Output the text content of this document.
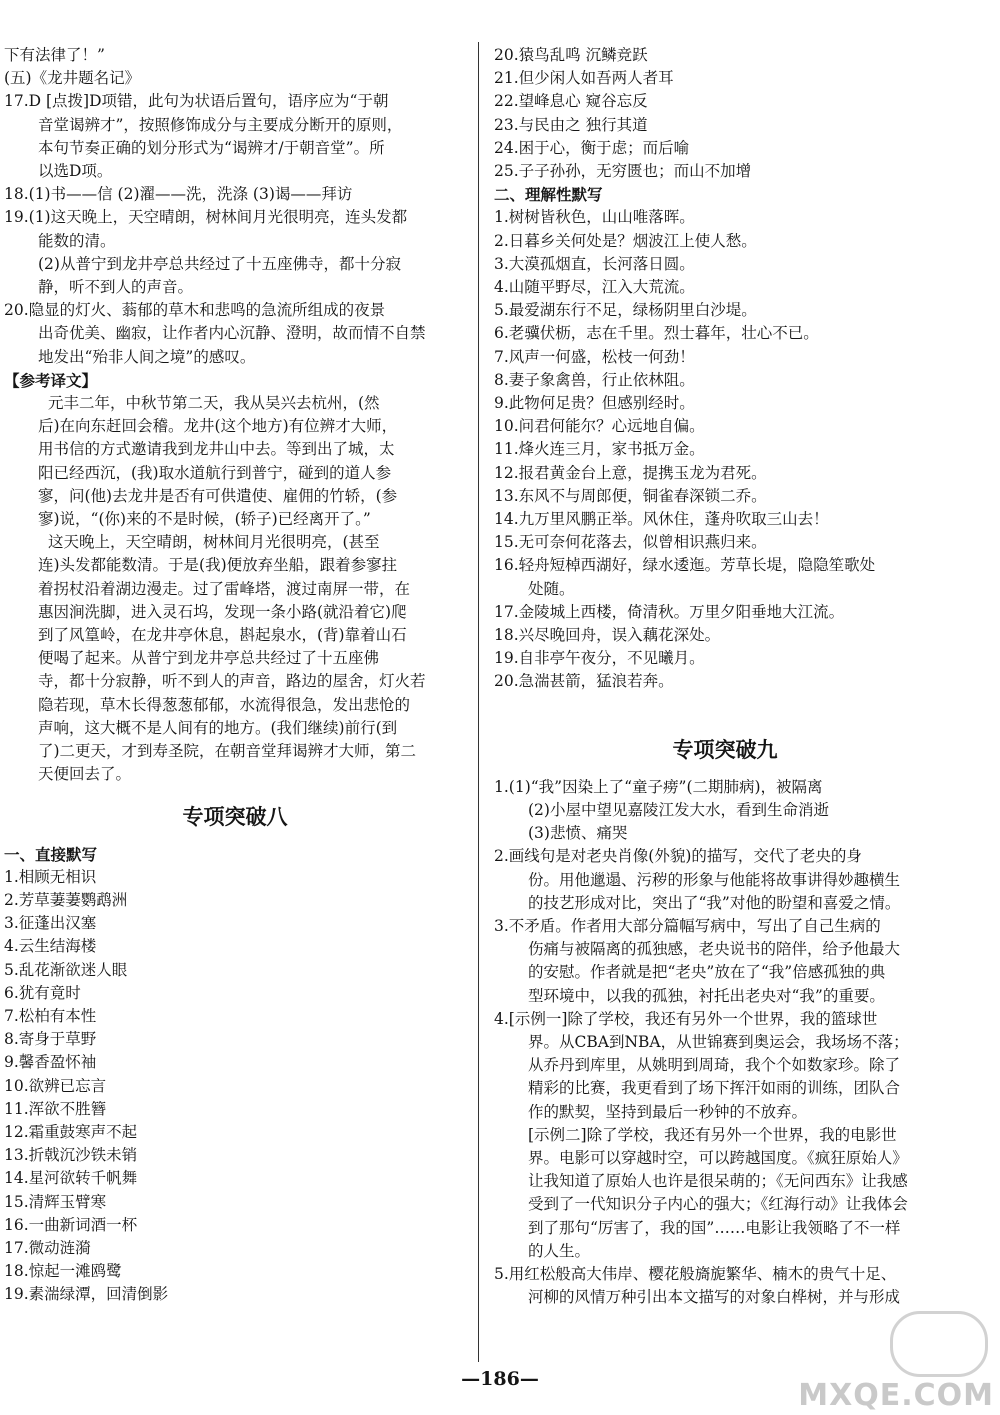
下有法律了！”
(五)《龙井题名记》
17.D [点拨]D项错，此句为状语后置句，语序应为“于朝
音堂谒辨才”，按照修饰成分与主要成分断开的原则，
本句节奏正确的划分形式为“谒辨才/于朝音堂”。所
以选D项。
18.(1)书——信 (2)濯——洗，洗涤 (3)谒——拜访
19.(1)这天晚上，天空晴朗，树林间月光很明亮，连头发都
能数的清。
(2)从普宁到龙井亭总共经过了十五座佛寺，都十分寂
静，听不到人的声音。
20.隐显的灯火、蓊郁的草木和悲鸣的急流所组成的夜景
出奇优美、幽寂，让作者内心沉静、澄明，故而情不自禁
地发出“殆非人间之境”的感叹。
【参考译文】
元丰二年，中秋节第二天，我从吴兴去杭州，(然
后)在向东赶回会稽。龙井(这个地方)有位辨才大师，
用书信的方式邀请我到龙井山中去。等到出了城，太
阳已经西沉，(我)取水道航行到普宁，碰到的道人参
寥，问(他)去龙井是否有可供遣使、雇佣的竹轿，(参
寥)说，“(你)来的不是时候，(轿子)已经离开了。”
这天晚上，天空晴朗，树林间月光很明亮，(甚至
连)头发都能数清。于是(我)便放弃坐船，跟着参寥拄
着拐杖沿着湖边漫走。过了雷峰塔，渡过南屏一带，在
惠因涧洗脚，进入灵石坞，发现一条小路(就沿着它)爬
到了风篁岭，在龙井亭休息，斟起泉水，(背)靠着山石
便喝了起来。从普宁到龙井亭总共经过了十五座佛
寺，都十分寂静，听不到人的声音，路边的屋舍，灯火若
隐若现，草木长得葱葱郁郁，水流得很急，发出悲怆的
声响，这大概不是人间有的地方。(我们继续)前行(到
了)二更天，才到寿圣院，在朝音堂拜谒辨才大师，第二
天便回去了。
专项突破八
一、直接默写
1.相顾无相识
2.芳草萋萋鹦鹉洲
3.征蓬出汉塞
4.云生结海楼
5.乱花渐欲迷人眼
6.犹有竟时
7.松柏有本性
8.寄身于草野
9.馨香盈怀袖
10.欲辨已忘言
11.浑欲不胜簪
12.霜重鼓寒声不起
13.折戟沉沙铁未销
14.星河欲转千帆舞
15.清辉玉臂寒
16.一曲新词酒一杯
17.微动涟漪
18.惊起一滩鸥鹭
19.素湍绿潭，回清倒影
20.猿鸟乱鸣 沉鳞竞跃
21.但少闲人如吾两人者耳
22.望峰息心 窥谷忘反
23.与民由之 独行其道
24.困于心，衡于虑；而后喻
25.子子孙孙，无穷匮也；而山不加增
二、理解性默写
1.树树皆秋色，山山唯落晖。
2.日暮乡关何处是？烟波江上使人愁。
3.大漠孤烟直，长河落日圆。
4.山随平野尽，江入大荒流。
5.最爱湖东行不足，绿杨阴里白沙堤。
6.老骥伏枥，志在千里。烈士暮年，壮心不已。
7.风声一何盛，松枝一何劲！
8.妻子象禽兽，行止依林阻。
9.此物何足贵？但感别经时。
10.问君何能尔？心远地自偏。
11.烽火连三月，家书抵万金。
12.报君黄金台上意，提携玉龙为君死。
13.东风不与周郎便，铜雀春深锁二乔。
14.九万里风鹏正举。风休住，蓬舟吹取三山去！
15.无可奈何花落去，似曾相识燕归来。
16.轻舟短棹西湖好，绿水逶迤。芳草长堤，隐隐笙歌处
处随。
17.金陵城上西楼，倚清秋。万里夕阳垂地大江流。
18.兴尽晚回舟，误入藕花深处。
19.自非亭午夜分，不见曦月。
20.急湍甚箭，猛浪若奔。
专项突破九
1.(1)“我”因染上了“童子痨”(二期肺病)，被隔离
(2)小屋中望见嘉陵江发大水，看到生命消逝
(3)悲愤、痛哭
2.画线句是对老央肖像(外貌)的描写，交代了老央的身
份。用他邋遢、污秽的形象与他能将故事讲得妙趣横生
的技艺形成对比，突出了“我”对他的盼望和喜爱之情。
3.不矛盾。作者用大部分篇幅写病中，写出了自己生病的
伤痛与被隔离的孤独感，老央说书的陪伴，给予他最大
的安慰。作者就是把“老央”放在了“我”倍感孤独的典
型环境中，以我的孤独，衬托出老央对“我”的重要。
4.[示例一]除了学校，我还有另外一个世界，我的篮球世
界。从CBA到NBA，从世锦赛到奥运会，我场场不落；
从乔丹到库里，从姚明到周琦，我个个如数家珍。除了
精彩的比赛，我更看到了场下挥汗如雨的训练，团队合
作的默契，坚持到最后一秒钟的不放弃。
[示例二]除了学校，我还有另外一个世界，我的电影世
界。电影可以穿越时空，可以跨越国度。《疯狂原始人》
让我知道了原始人也许是很呆萌的；《无问西东》让我感
受到了一代知识分子内心的强大；《红海行动》让我体会
到了那句“厉害了，我的国”……电影让我领略了不一样
的人生。
5.用红松般高大伟岸、樱花般旖旎繁华、楠木的贵气十足、
河柳的风情万种引出本文描写的对象白桦树，并与形成
—186—	MXQE.COM
